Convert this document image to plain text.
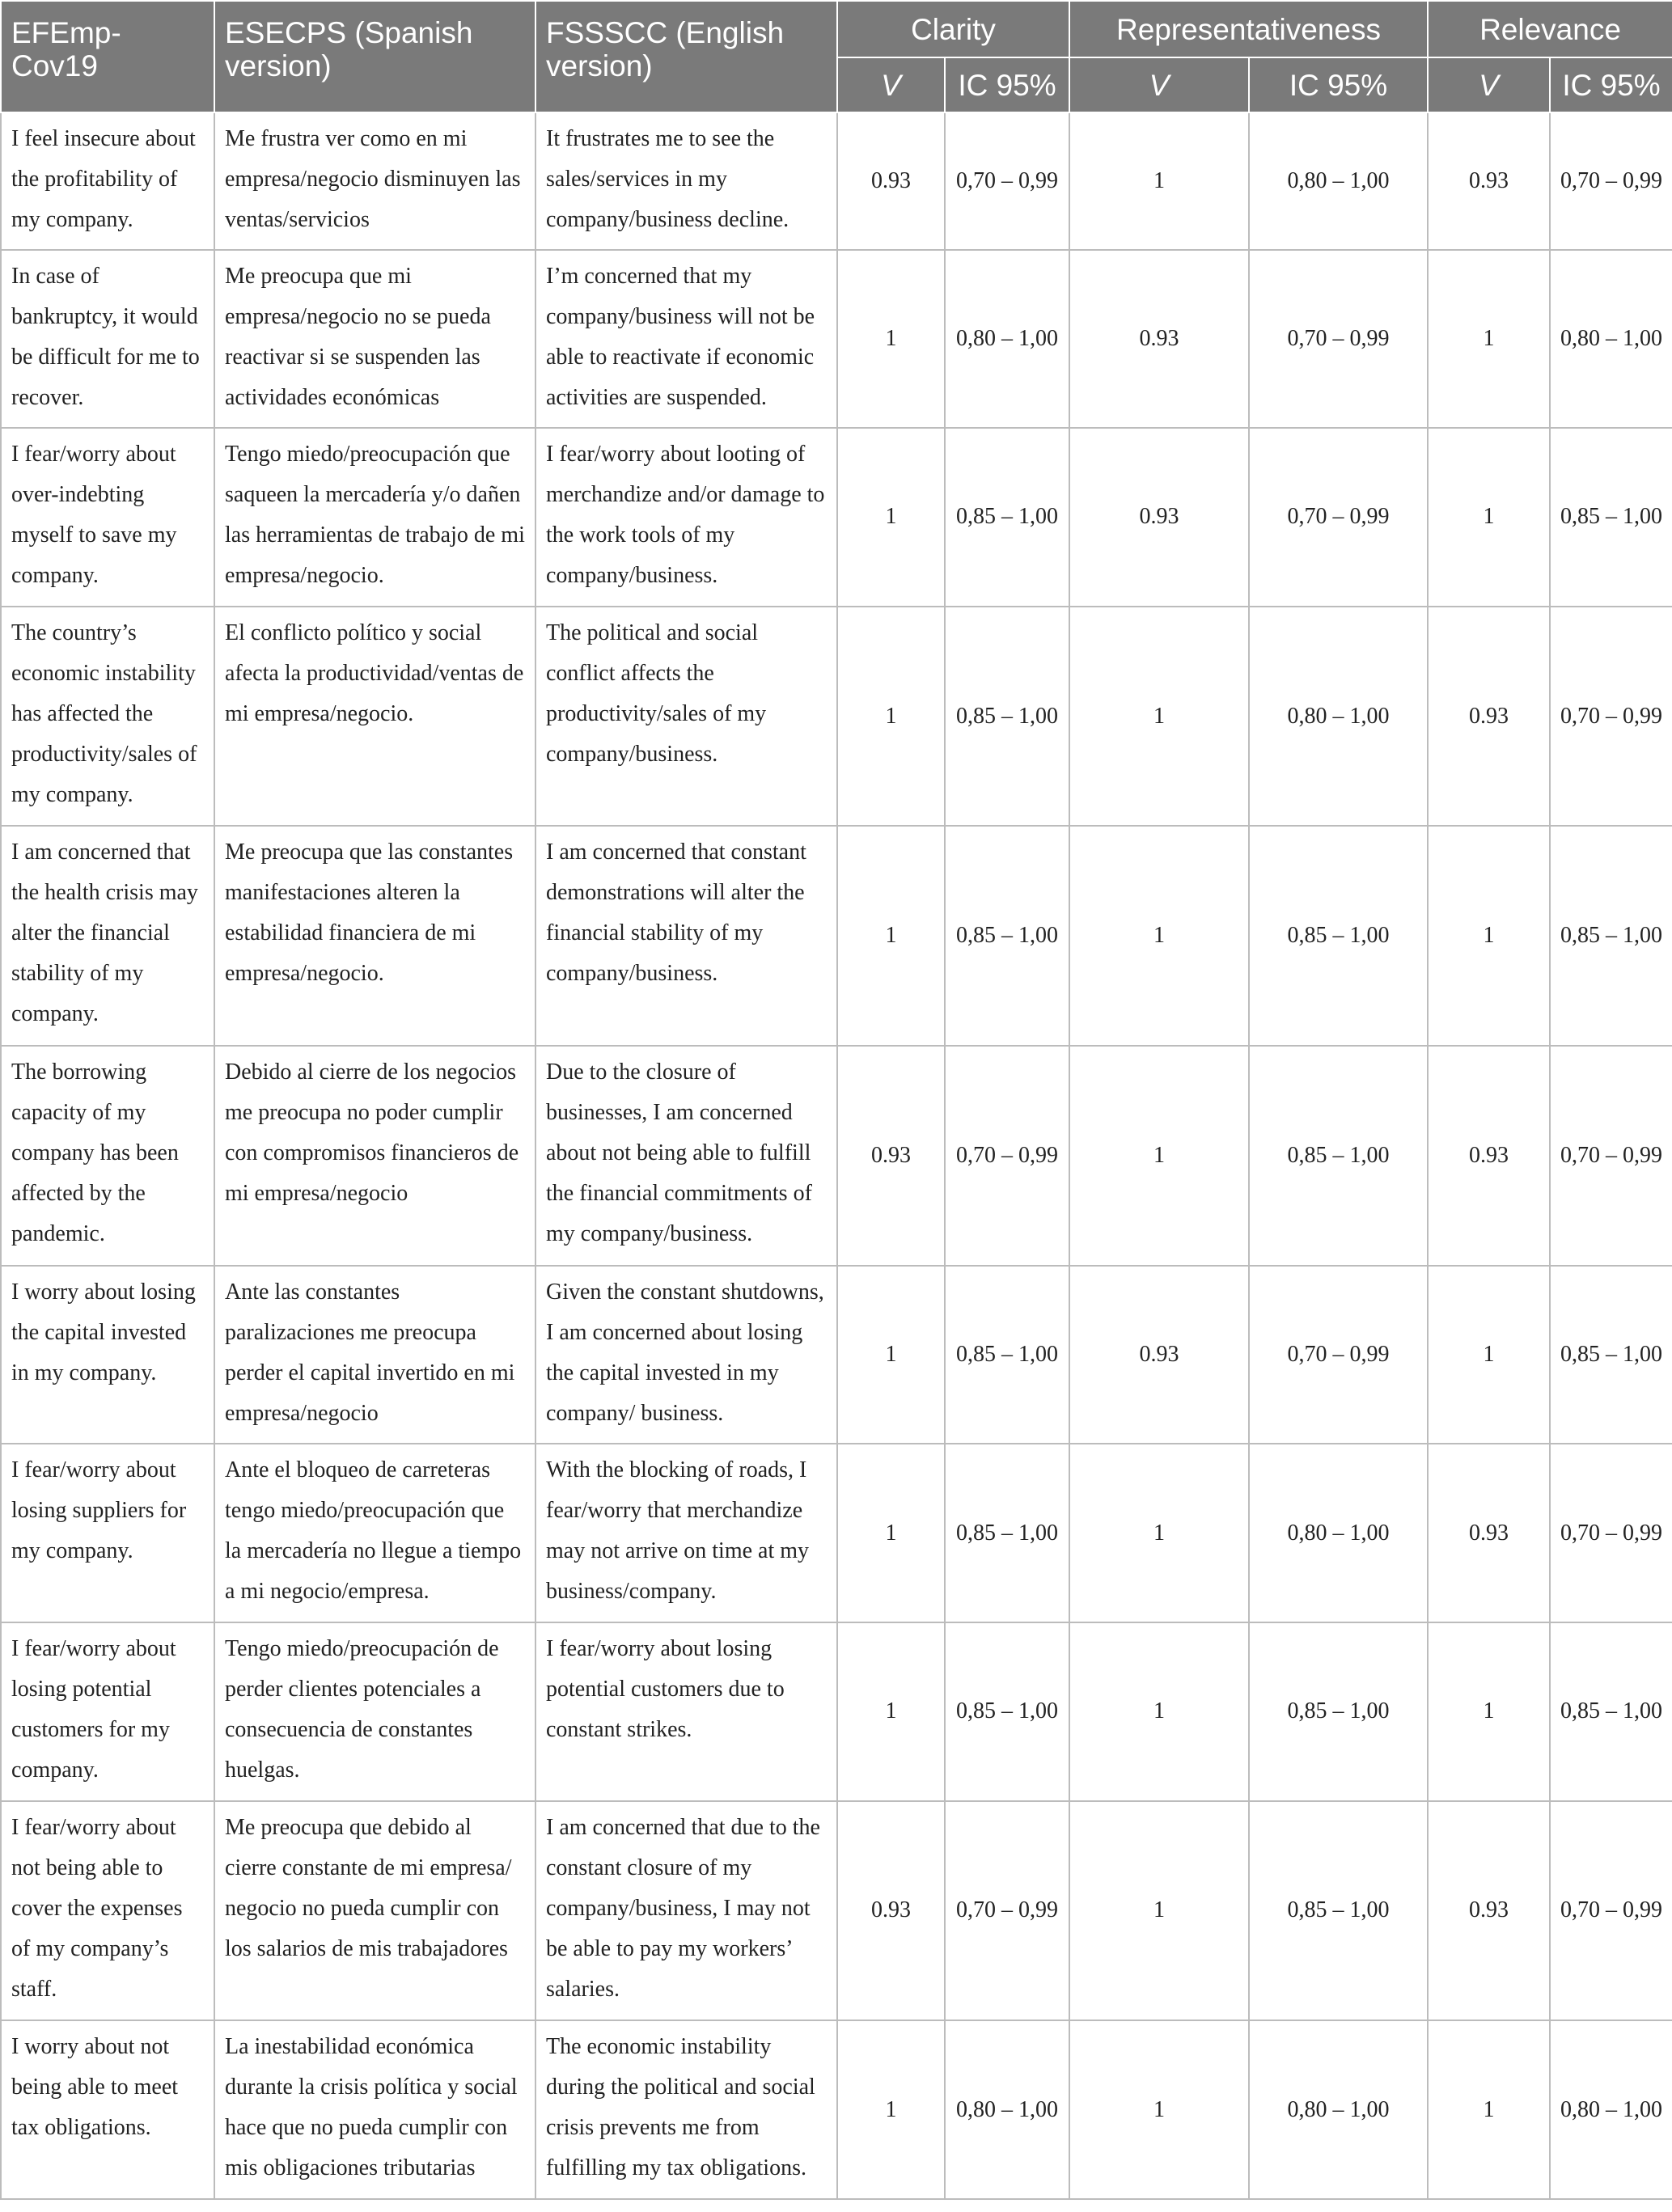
EFEmp-Cov19	ESECPS (Spanish version)	FSSSCC (English version)	Clarity		Representativeness		Relevance	
			V	IC 95%	V	IC 95%	V	IC 95%
I feel insecure about the profitability of my company.	Me frustra ver como en mi empresa/negocio disminuyen las ventas/servicios	It frustrates me to see the sales/services in my company/business decline.	0.93	0,70 – 0,99	1	0,80 – 1,00	0.93	0,70 – 0,99
In case of bankruptcy, it would be difficult for me to recover.	Me preocupa que mi empresa/negocio no se pueda reactivar si se suspenden las actividades económicas	I’m concerned that my company/business will not be able to reactivate if economic activities are suspended.	1	0,80 – 1,00	0.93	0,70 – 0,99	1	0,80 – 1,00
I fear/worry about over-indebting myself to save my company.	Tengo miedo/preocupación que saqueen la mercadería y/o dañen las herramientas de trabajo de mi empresa/negocio.	I fear/worry about looting of merchandize and/or damage to the work tools of my company/business.	1	0,85 – 1,00	0.93	0,70 – 0,99	1	0,85 – 1,00
The country’s economic instability has affected the productivity/sales of my company.	El conflicto político y social afecta la productividad/ventas de mi empresa/negocio.	The political and social conflict affects the productivity/sales of my company/business.	1	0,85 – 1,00	1	0,80 – 1,00	0.93	0,70 – 0,99
I am concerned that the health crisis may alter the financial stability of my company.	Me preocupa que las constantes manifestaciones alteren la estabilidad financiera de mi empresa/negocio.	I am concerned that constant demonstrations will alter the financial stability of my company/business.	1	0,85 – 1,00	1	0,85 – 1,00	1	0,85 – 1,00
The borrowing capacity of my company has been affected by the pandemic.	Debido al cierre de los negocios me preocupa no poder cumplir con compromisos financieros de mi empresa/negocio	Due to the closure of businesses, I am concerned about not being able to fulfill the financial commitments of my company/business.	0.93	0,70 – 0,99	1	0,85 – 1,00	0.93	0,70 – 0,99
I worry about losing the capital invested in my company.	Ante las constantes paralizaciones me preocupa perder el capital invertido en mi empresa/negocio	Given the constant shutdowns, I am concerned about losing the capital invested in my company/ business.	1	0,85 – 1,00	0.93	0,70 – 0,99	1	0,85 – 1,00
I fear/worry about losing suppliers for my company.	Ante el bloqueo de carreteras tengo miedo/preocupación que la mercadería no llegue a tiempo a mi negocio/empresa.	With the blocking of roads, I fear/worry that merchandize may not arrive on time at my business/company.	1	0,85 – 1,00	1	0,80 – 1,00	0.93	0,70 – 0,99
I fear/worry about losing potential customers for my company.	Tengo miedo/preocupación de perder clientes potenciales a consecuencia de constantes huelgas.	I fear/worry about losing potential customers due to constant strikes.	1	0,85 – 1,00	1	0,85 – 1,00	1	0,85 – 1,00
I fear/worry about not being able to cover the expenses of my company’s staff.	Me preocupa que debido al cierre constante de mi empresa/ negocio no pueda cumplir con los salarios de mis trabajadores	I am concerned that due to the constant closure of my company/business, I may not be able to pay my workers’ salaries.	0.93	0,70 – 0,99	1	0,85 – 1,00	0.93	0,70 – 0,99
I worry about not being able to meet tax obligations.	La inestabilidad económica durante la crisis política y social hace que no pueda cumplir con mis obligaciones tributarias	The economic instability during the political and social crisis prevents me from fulfilling my tax obligations.	1	0,80 – 1,00	1	0,80 – 1,00	1	0,80 – 1,00
